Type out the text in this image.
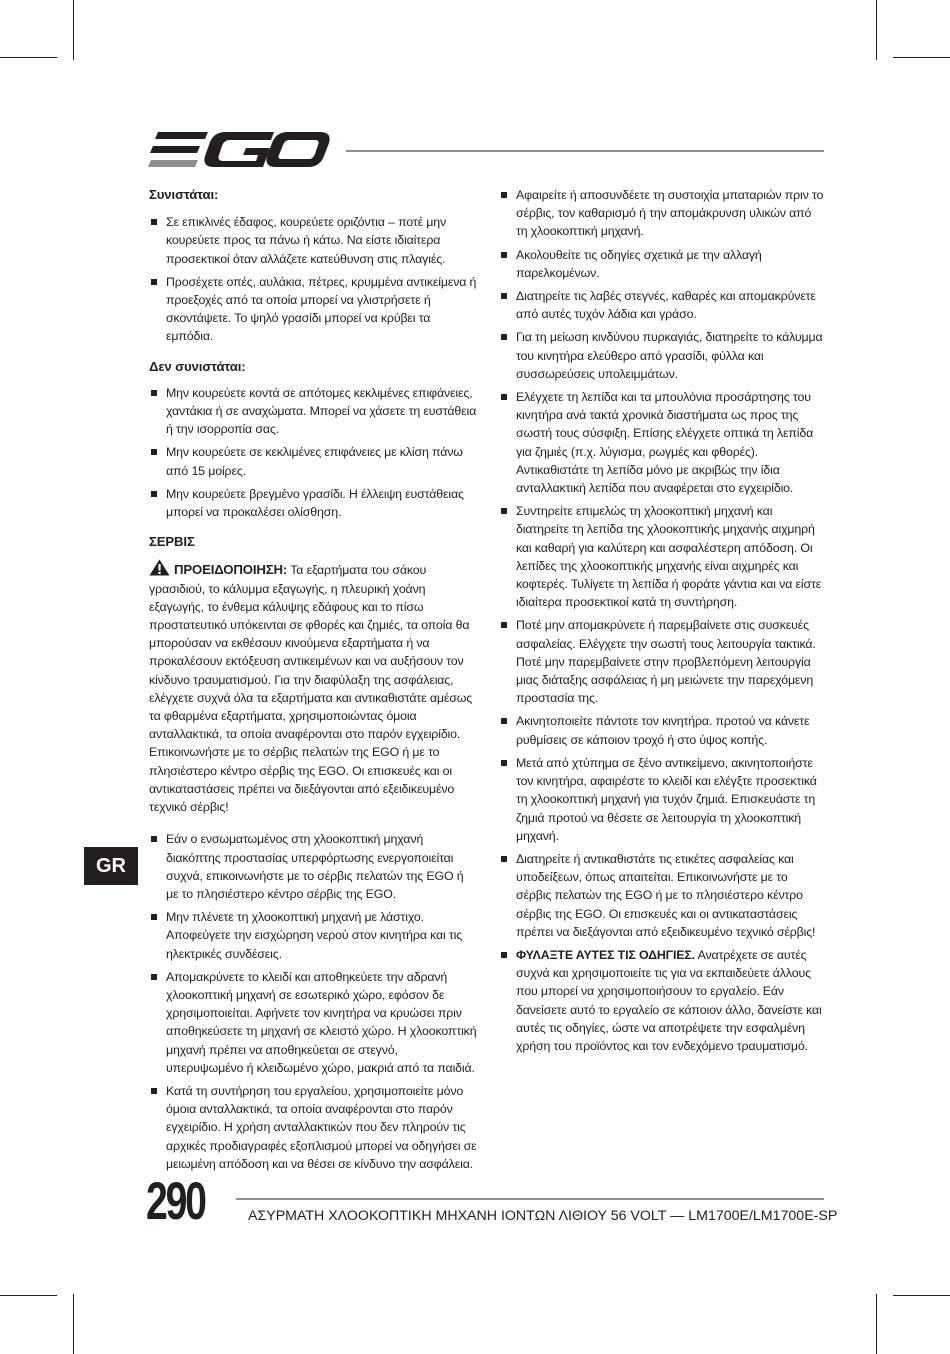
Συνιστάται:
Σε επικλινές έδαφος, κουρεύετε οριζόντια – ποτέ μην κουρεύετε προς τα πάνω ή κάτω. Να είστε ιδιαίτερα προσεκτικοί όταν αλλάζετε κατεύθυνση στις πλαγιές.
Προσέχετε οπές, αυλάκια, πέτρες, κρυμμένα αντικείμενα ή προεξοχές από τα οποία μπορεί να γλιστρήσετε ή σκοντάψετε. Το ψηλό γρασίδι μπορεί να κρύβει τα εμπόδια.
Δεν συνιστάται:
Μην κουρεύετε κοντά σε απότομες κεκλιμένες επιφάνειες, χαντάκια ή σε αναχώματα. Μπορεί να χάσετε τη ευστάθεια ή την ισορροπία σας.
Μην κουρεύετε σε κεκλιμένες επιφάνειες με κλίση πάνω από 15 μοίρες.
Μην κουρεύετε βρεγμένο γρασίδι. Η έλλειψη ευστάθειας μπορεί να προκαλέσει ολίσθηση.
ΣΕΡΒΙΣ

ΠΡΟΕΙΔΟΠΟΙΗΣΗ: Τα εξαρτήματα του σάκου γρασιδιού, το κάλυμμα εξαγωγής, η πλευρική χοάνη εξαγωγής, το ένθεμα κάλυψης εδάφους και το πίσω προστατευτικό υπόκεινται σε φθορές και ζημιές, τα οποία θα μπορούσαν να εκθέσουν κινούμενα εξαρτήματα ή να προκαλέσουν εκτόξευση αντικειμένων και να αυξήσουν τον κίνδυνο τραυματισμού. Για την διαφύλαξη της ασφάλειας, ελέγχετε συχνά όλα τα εξαρτήματα και αντικαθιστάτε αμέσως τα φθαρμένα εξαρτήματα, χρησιμοποιώντας όμοια ανταλλακτικά, τα οποία αναφέρονται στο παρόν εγχειρίδιο. Επικοινωνήστε με το σέρβις πελατών της EGO ή με το πλησιέστερο κέντρο σέρβις της EGO. Οι επισκευές και οι αντικαταστάσεις πρέπει να διεξάγονται από εξειδικευμένο τεχνικό σέρβις!

Εάν ο ενσωματωμένος στη χλοοκοπτική μηχανή διακόπτης προστασίας υπερφόρτωσης ενεργοποιείται συχνά, επικοινωνήστε με το σέρβις πελατών της EGO ή με το πλησιέστερο κέντρο σέρβις της EGO.
Μην πλένετε τη χλοοκοπτική μηχανή με λάστιχο. Αποφεύγετε την εισχώρηση νερού στον κινητήρα και τις ηλεκτρικές συνδέσεις.
Απομακρύνετε το κλειδί και αποθηκεύετε την αδρανή χλοοκοπτική μηχανή σε εσωτερικό χώρο, εφόσον δε χρησιμοποιείται. Αφήνετε τον κινητήρα να κρυώσει πριν αποθηκεύσετε τη μηχανή σε κλειστό χώρο. Η χλοοκοπτική μηχανή πρέπει να αποθηκεύεται σε στεγνό, υπερυψωμένο ή κλειδωμένο χώρο, μακριά από τα παιδιά.
Κατά τη συντήρηση του εργαλείου, χρησιμοποιείτε μόνο όμοια ανταλλακτικά, τα οποία αναφέρονται στο παρόν εγχειρίδιο. Η χρήση ανταλλακτικών που δεν πληρούν τις αρχικές προδιαγραφές εξοπλισμού μπορεί να οδηγήσει σε μειωμένη απόδοση και να θέσει σε κίνδυνο την ασφάλεια.
Αφαιρείτε ή αποσυνδέετε τη συστοιχία μπαταριών πριν το σέρβις, τον καθαρισμό ή την απομάκρυνση υλικών από τη χλοοκοπτική μηχανή.
Ακολουθείτε τις οδηγίες σχετικά με την αλλαγή παρελκομένων.
Διατηρείτε τις λαβές στεγνές, καθαρές και απομακρύνετε από αυτές τυχόν λάδια και γράσο.
Για τη μείωση κινδύνου πυρκαγιάς, διατηρείτε το κάλυμμα του κινητήρα ελεύθερο από γρασίδι, φύλλα και συσσωρεύσεις υπολειμμάτων.
Ελέγχετε τη λεπίδα και τα μπουλόνια προσάρτησης του κινητήρα ανά τακτά χρονικά διαστήματα ως προς της σωστή τους σύσφιξη. Επίσης ελέγχετε οπτικά τη λεπίδα για ζημιές (π.χ. λύγισμα, ρωγμές και φθορές). Αντικαθιστάτε τη λεπίδα μόνο με ακριβώς την ίδια ανταλλακτική λεπίδα που αναφέρεται στο εγχειρίδιο.
Συντηρείτε επιμελώς τη χλοοκοπτική μηχανή και διατηρείτε τη λεπίδα της χλοοκοπτικής μηχανής αιχμηρή και καθαρή για καλύτερη και ασφαλέστερη απόδοση. Οι λεπίδες της χλοοκοπτικής μηχανής είναι αιχμηρές και κοφτερές. Τυλίγετε τη λεπίδα ή φοράτε γάντια και να είστε ιδιαίτερα προσεκτικοί κατά τη συντήρηση.
Ποτέ μην απομακρύνετε ή παρεμβαίνετε στις συσκευές ασφαλείας. Ελέγχετε την σωστή τους λειτουργία τακτικά. Ποτέ μην παρεμβαίνετε στην προβλεπόμενη λειτουργία μιας διάταξης ασφάλειας ή μη μειώνετε την παρεχόμενη προστασία της.
Ακινητοποιείτε πάντοτε τον κινητήρα. προτού να κάνετε ρυθμίσεις σε κάποιον τροχό ή στο ύψος κοπής.
Μετά από χτύπημα σε ξένο αντικείμενο, ακινητοποιήστε τον κινητήρα, αφαιρέστε το κλειδί και ελέγξτε προσεκτικά τη χλοοκοπτική μηχανή για τυχόν ζημιά. Επισκευάστε τη ζημιά προτού να θέσετε σε λειτουργία τη χλοοκοπτική μηχανή.
Διατηρείτε ή αντικαθιστάτε τις ετικέτες ασφαλείας και υποδείξεων, όπως απαιτείται. Επικοινωνήστε με το σέρβις πελατών της EGO ή με το πλησιέστερο κέντρο σέρβις της EGO. Οι επισκευές και οι αντικαταστάσεις πρέπει να διεξάγονται από εξειδικευμένο τεχνικό σέρβις!
ΦΥΛΑΞΤΕ ΑΥΤΕΣ ΤΙΣ ΟΔΗΓΙΕΣ. Ανατρέχετε σε αυτές συχνά και χρησιμοποιείτε τις για να εκπαιδεύετε άλλους που μπορεί να χρησιμοποιήσουν το εργαλείο. Εάν δανείσετε αυτό το εργαλείο σε κάποιον άλλο, δανείστε και αυτές τις οδηγίες, ώστε να αποτρέψετε την εσφαλμένη χρήση του προϊόντος και τον ενδεχόμενο τραυματισμό.
GR
290	ΑΣΥΡΜΑΤΗ ΧΛΟΟΚΟΠΤΙΚΗ ΜΗΧΑΝΗ ΙΟΝΤΩΝ ΛΙΘΙΟΥ 56 VOLT — LM1700E/LM1700E-SP
